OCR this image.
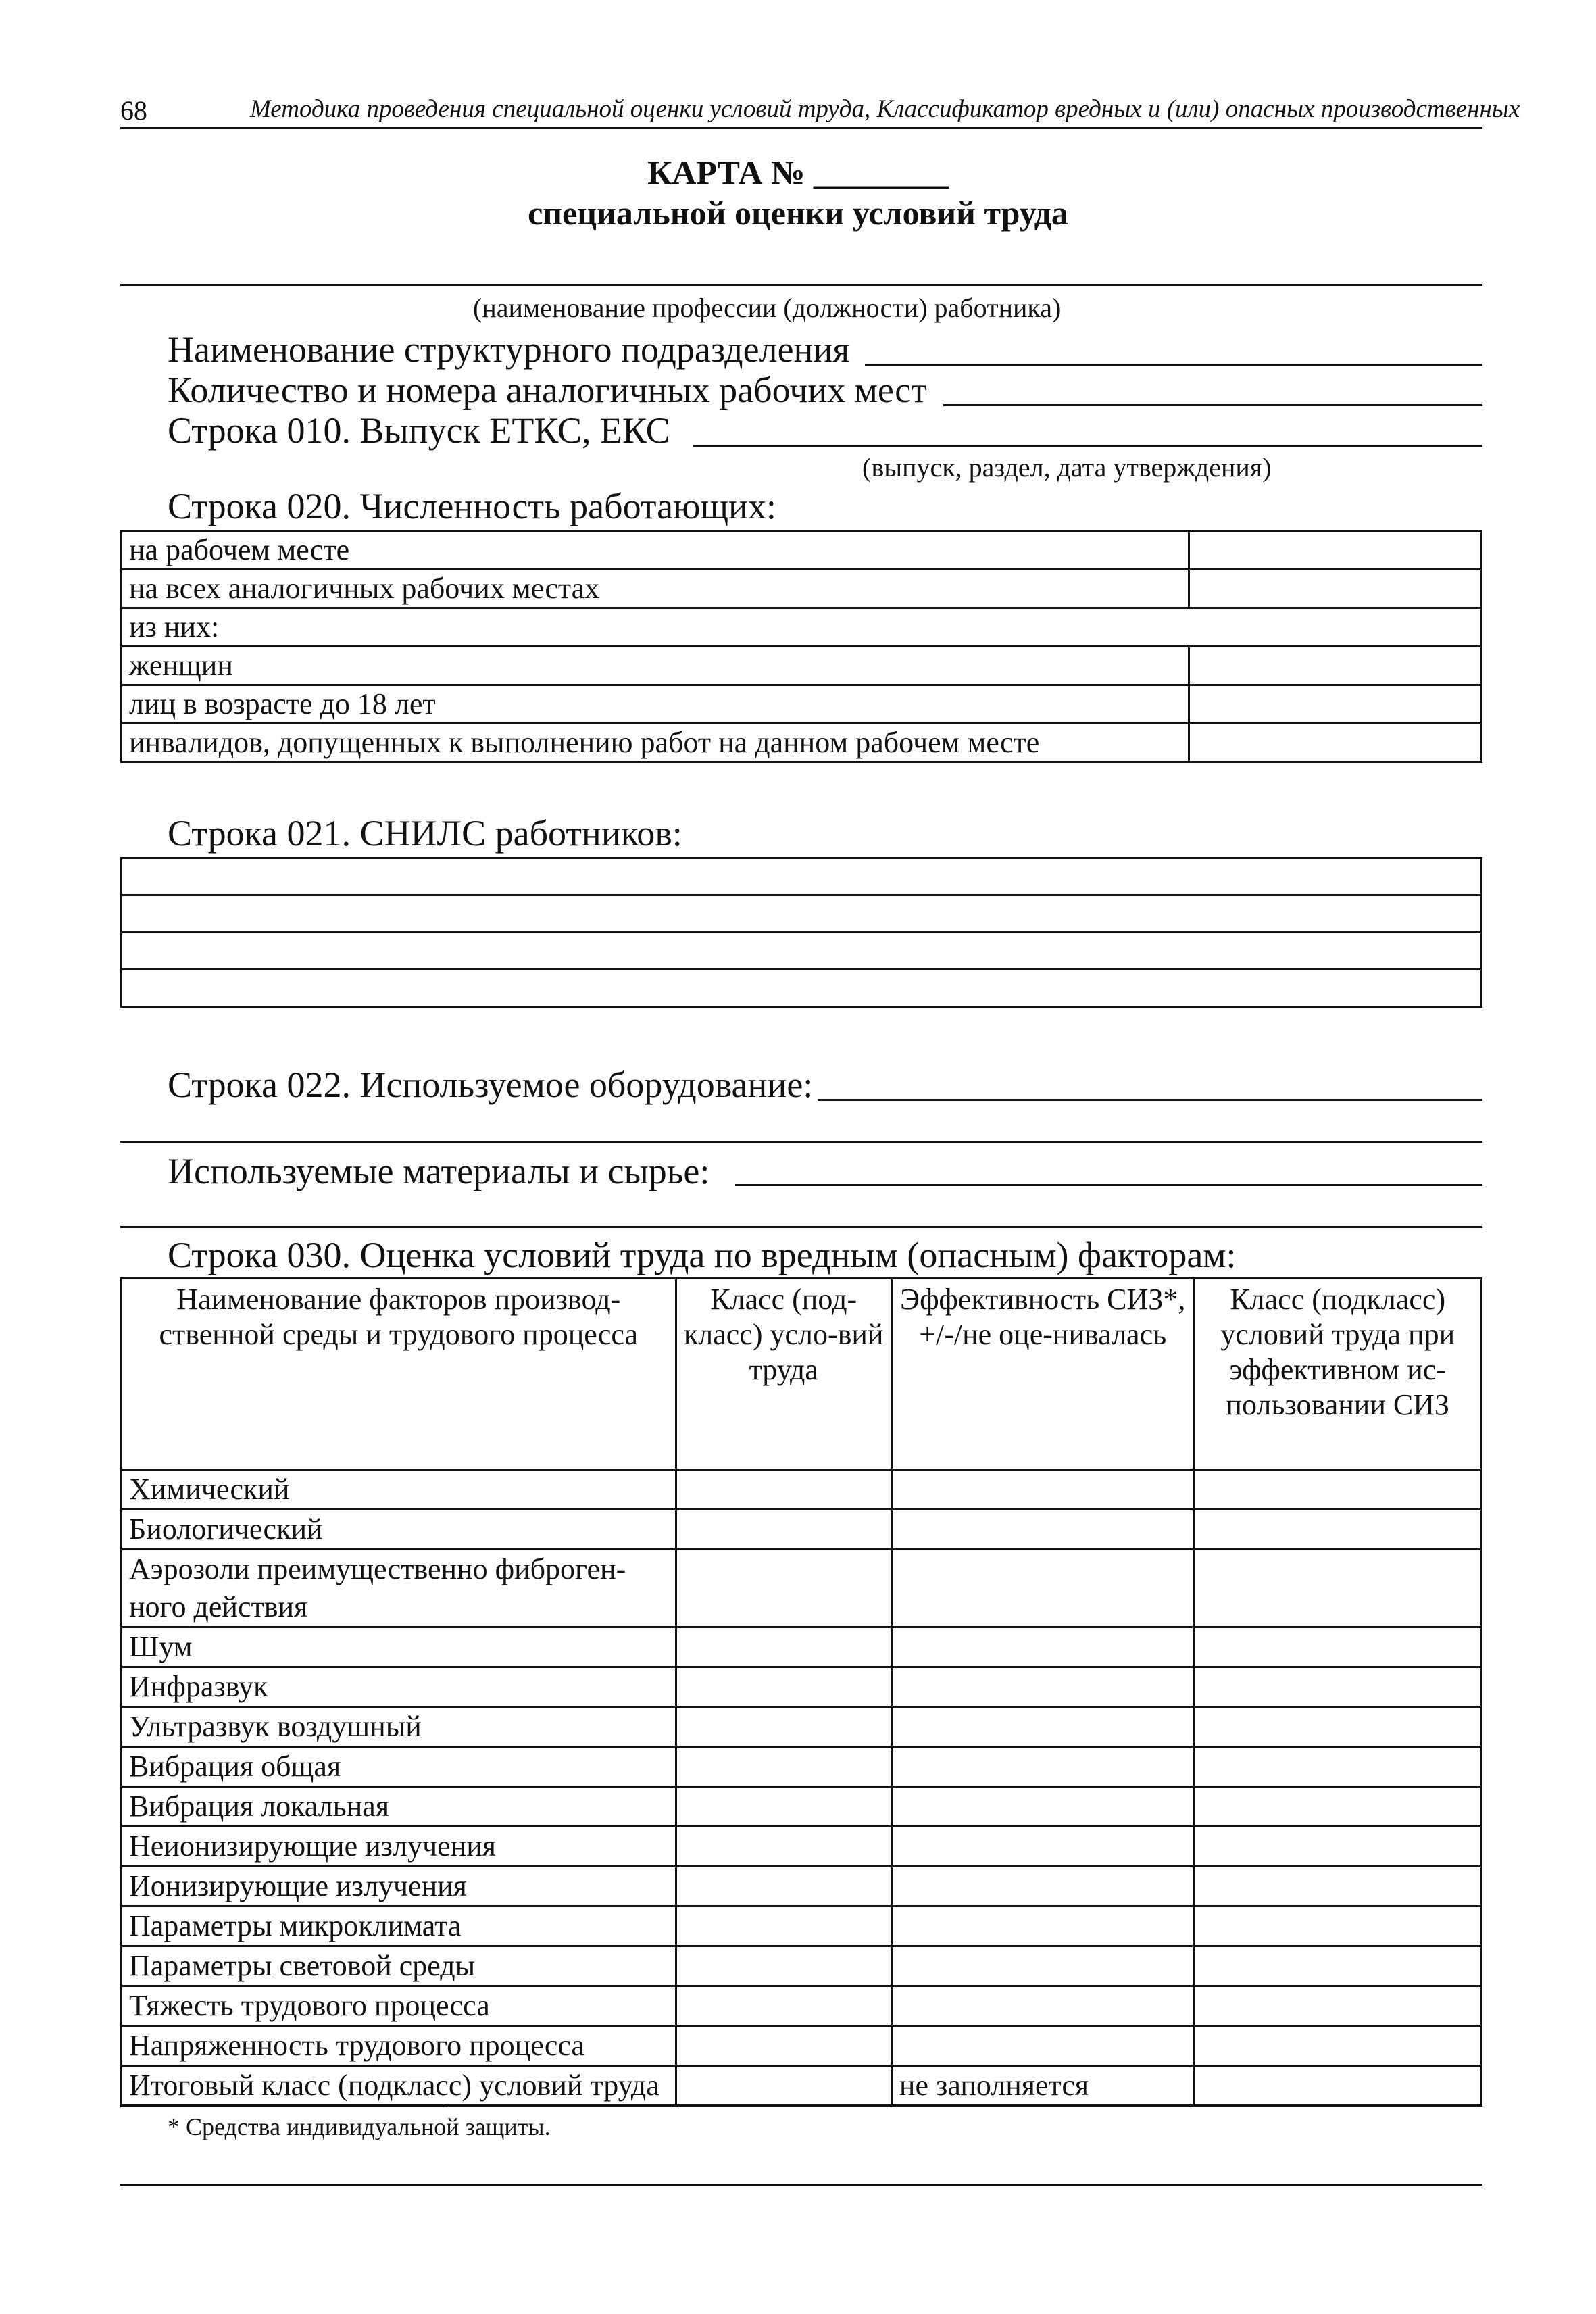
68	Методика проведения специальной оценки условий труда, Классификатор вредных и (или) опасных производственных
КАРТА № ________
специальной оценки условий труда
(наименование профессии (должности) работника)
Наименование структурного подразделения
Количество и номера аналогичных рабочих мест
Строка 010. Выпуск ЕТКС, ЕКС
(выпуск, раздел, дата утверждения)
Строка 020. Численность работающих:
на рабочем месте	
на всех аналогичных рабочих местах	
из них:	
женщин	
лиц в возрасте до 18 лет	
инвалидов, допущенных к выполнению работ на данном рабочем месте	
Строка 021. СНИЛС работников:

Строка 022. Используемое оборудование:
Используемые материалы и сырье:
Строка 030. Оценка условий труда по вредным (опасным) факторам:
Наименование факторов производ-ственной среды и трудового процесса	Класс (под-класс) усло-вий труда	Эффективность СИЗ*, +/-/не оце-нивалась	Класс (подкласс) условий труда при эффективном ис-пользовании СИЗ
Химический			
Биологический			
Аэрозоли преимущественно фиброген-ного действия			
Шум			
Инфразвук			
Ультразвук воздушный			
Вибрация общая			
Вибрация локальная			
Неионизирующие излучения			
Ионизирующие излучения			
Параметры микроклимата			
Параметры световой среды			
Тяжесть трудового процесса			
Напряженность трудового процесса			
Итоговый класс (подкласс) условий труда		не заполняется	
* Средства индивидуальной защиты.
